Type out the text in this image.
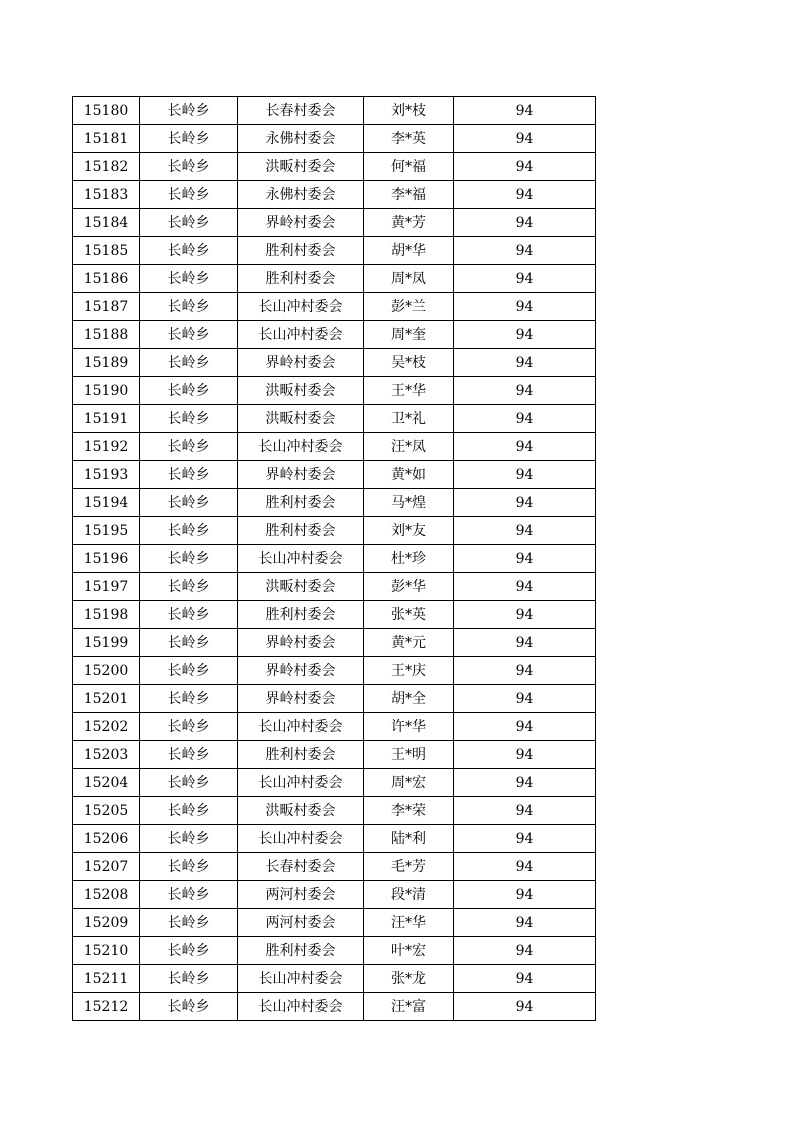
15180	长岭乡	长春村委会	刘*枝	94
15181	长岭乡	永佛村委会	李*英	94
15182	长岭乡	洪畈村委会	何*福	94
15183	长岭乡	永佛村委会	李*福	94
15184	长岭乡	界岭村委会	黄*芳	94
15185	长岭乡	胜利村委会	胡*华	94
15186	长岭乡	胜利村委会	周*凤	94
15187	长岭乡	长山冲村委会	彭*兰	94
15188	长岭乡	长山冲村委会	周*奎	94
15189	长岭乡	界岭村委会	吴*枝	94
15190	长岭乡	洪畈村委会	王*华	94
15191	长岭乡	洪畈村委会	卫*礼	94
15192	长岭乡	长山冲村委会	汪*凤	94
15193	长岭乡	界岭村委会	黄*如	94
15194	长岭乡	胜利村委会	马*煌	94
15195	长岭乡	胜利村委会	刘*友	94
15196	长岭乡	长山冲村委会	杜*珍	94
15197	长岭乡	洪畈村委会	彭*华	94
15198	长岭乡	胜利村委会	张*英	94
15199	长岭乡	界岭村委会	黄*元	94
15200	长岭乡	界岭村委会	王*庆	94
15201	长岭乡	界岭村委会	胡*全	94
15202	长岭乡	长山冲村委会	许*华	94
15203	长岭乡	胜利村委会	王*明	94
15204	长岭乡	长山冲村委会	周*宏	94
15205	长岭乡	洪畈村委会	李*荣	94
15206	长岭乡	长山冲村委会	陆*利	94
15207	长岭乡	长春村委会	毛*芳	94
15208	长岭乡	两河村委会	段*清	94
15209	长岭乡	两河村委会	汪*华	94
15210	长岭乡	胜利村委会	叶*宏	94
15211	长岭乡	长山冲村委会	张*龙	94
15212	长岭乡	长山冲村委会	汪*富	94
